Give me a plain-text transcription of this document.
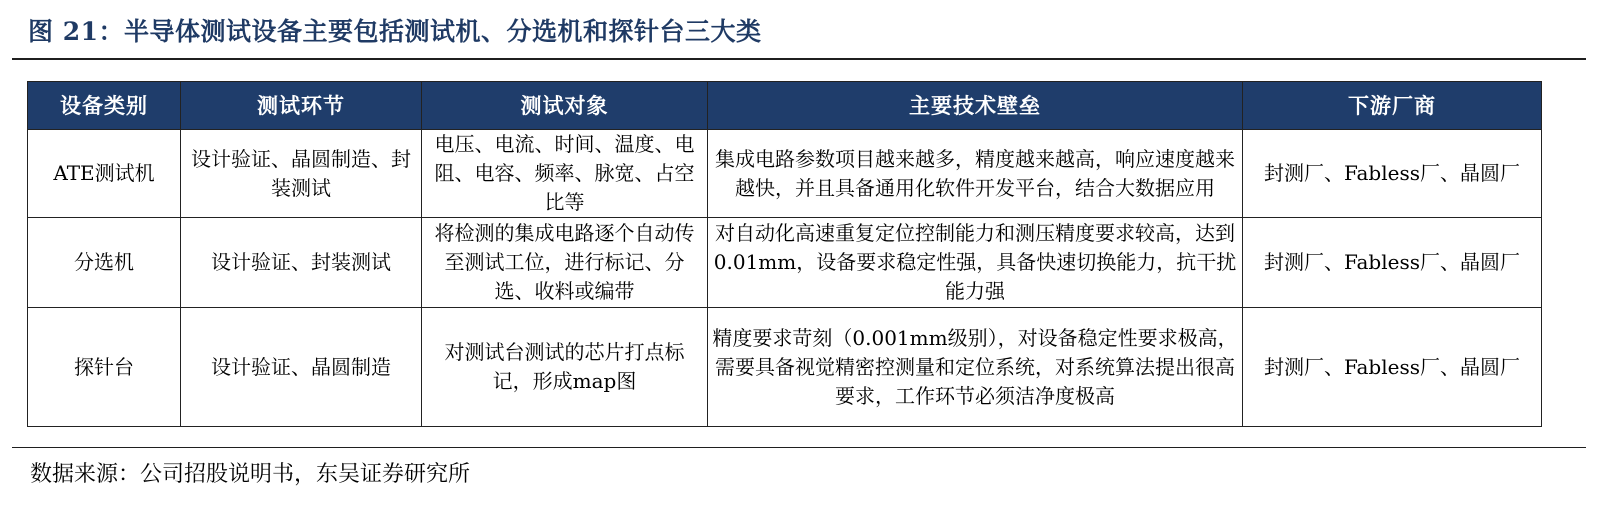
图 21：半导体测试设备主要包括测试机、分选机和探针台三大类
设备类别	测试环节	测试对象	主要技术壁垒	下游厂商
ATE测试机	设计验证、晶圆制造、封装测试	电压、电流、时间、温度、电阻、电容、频率、脉宽、占空比等	集成电路参数项目越来越多，精度越来越高，响应速度越来越快，并且具备通用化软件开发平台，结合大数据应用	封测厂、Fabless厂、晶圆厂
分选机	设计验证、封装测试	将检测的集成电路逐个自动传至测试工位，进行标记、分选、收料或编带	对自动化高速重复定位控制能力和测压精度要求较高，达到0.01mm，设备要求稳定性强，具备快速切换能力，抗干扰能力强	封测厂、Fabless厂、晶圆厂
探针台	设计验证、晶圆制造	对测试台测试的芯片打点标记，形成map图	精度要求苛刻（0.001mm级别），对设备稳定性要求极高，需要具备视觉精密控测量和定位系统，对系统算法提出很高要求，工作环节必须洁净度极高	封测厂、Fabless厂、晶圆厂
数据来源：公司招股说明书，东吴证券研究所
